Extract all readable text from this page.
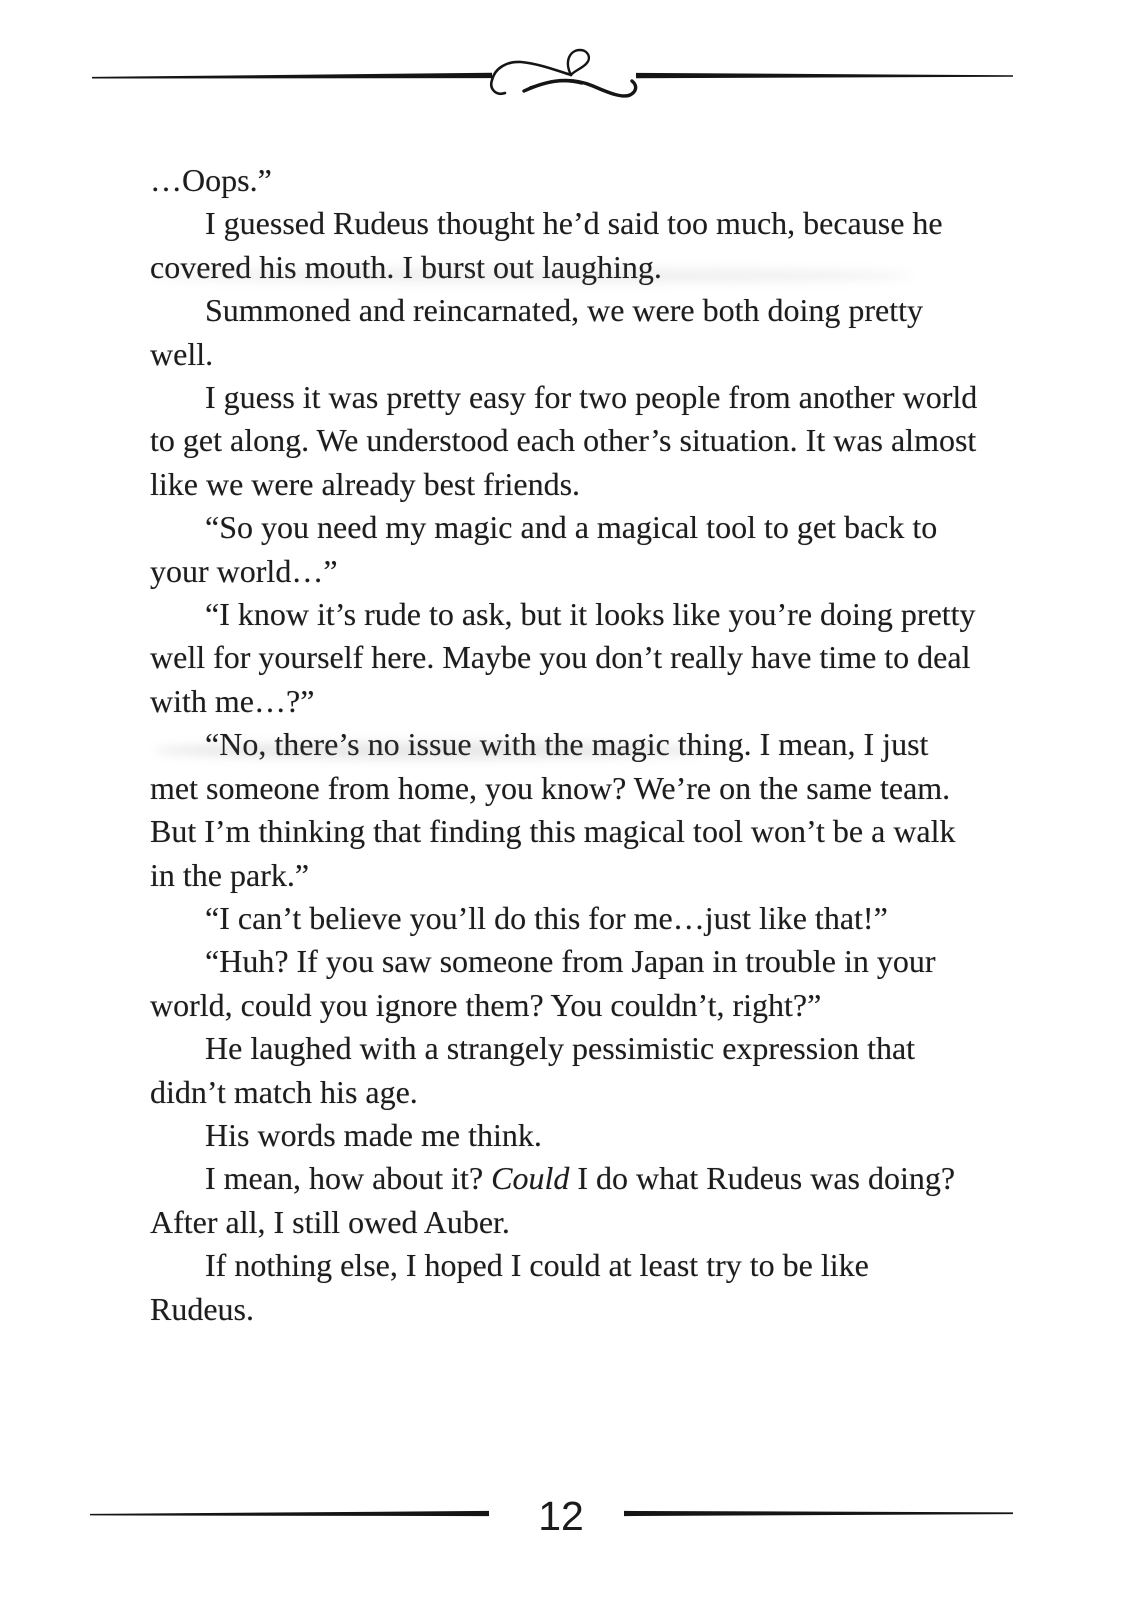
…Oops.”

I guessed Rudeus thought he’d said too much, because he covered his mouth. I burst out laughing.

Summoned and reincarnated, we were both doing pretty well.

I guess it was pretty easy for two people from another world to get along. We understood each other’s situation. It was almost like we were already best friends.

“So you need my magic and a magical tool to get back to your world…”

“I know it’s rude to ask, but it looks like you’re doing pretty well for yourself here. Maybe you don’t really have time to deal with me…?”

“No, there’s no issue with the magic thing. I mean, I just met someone from home, you know? We’re on the same team. But I’m thinking that finding this magical tool won’t be a walk in the park.”

“I can’t believe you’ll do this for me…just like that!”

“Huh? If you saw someone from Japan in trouble in your world, could you ignore them? You couldn’t, right?”

He laughed with a strangely pessimistic expression that didn’t match his age.

His words made me think.

I mean, how about it? Could I do what Rudeus was doing? After all, I still owed Auber.

If nothing else, I hoped I could at least try to be like Rudeus.

12
